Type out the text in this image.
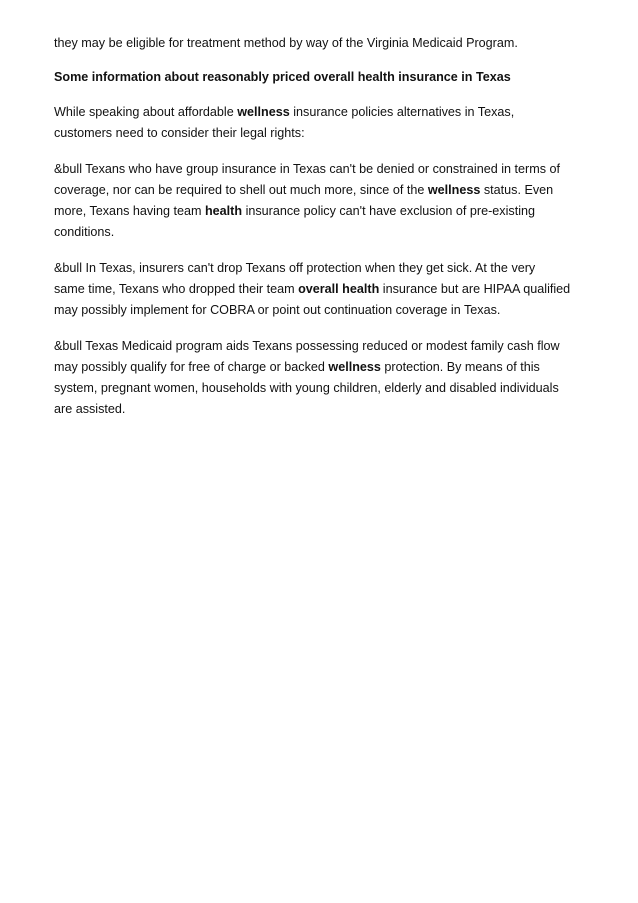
they may be eligible for treatment method by way of the Virginia Medicaid Program.

Some information about reasonably priced overall health insurance in Texas

While speaking about affordable wellness insurance policies alternatives in Texas,
customers need to consider their legal rights:

&bull Texans who have group insurance in Texas can't be denied or constrained in terms of
coverage, nor can be required to shell out much more, since of the wellness status. Even
more, Texans having team health insurance policy can't have exclusion of pre-existing
conditions.

&bull In Texas, insurers can't drop Texans off protection when they get sick. At the very
same time, Texans who dropped their team overall health insurance but are HIPAA qualified
may possibly implement for COBRA or point out continuation coverage in Texas.

&bull Texas Medicaid program aids Texans possessing reduced or modest family cash flow
may possibly qualify for free of charge or backed wellness protection. By means of this
system, pregnant women, households with young children, elderly and disabled individuals
are assisted.
